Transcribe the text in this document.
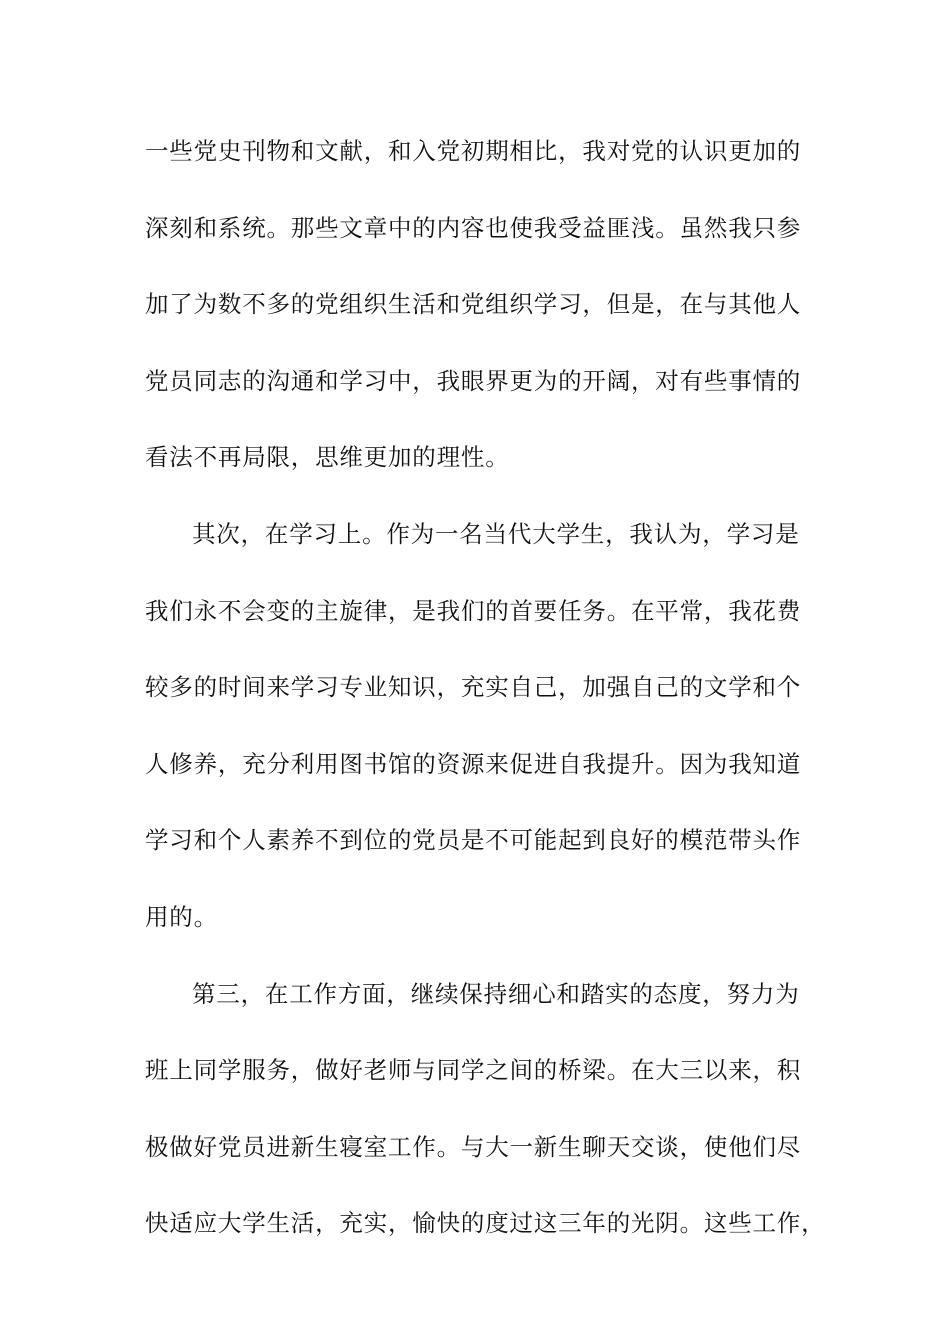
一些党史刊物和文献，和入党初期相比，我对党的认识更加的
深刻和系统。那些文章中的内容也使我受益匪浅。虽然我只参
加了为数不多的党组织生活和党组织学习，但是，在与其他人
党员同志的沟通和学习中，我眼界更为的开阔，对有些事情的
看法不再局限，思维更加的理性。
其次，在学习上。作为一名当代大学生，我认为，学习是
我们永不会变的主旋律，是我们的首要任务。在平常，我花费
较多的时间来学习专业知识，充实自己，加强自己的文学和个
人修养，充分利用图书馆的资源来促进自我提升。因为我知道
学习和个人素养不到位的党员是不可能起到良好的模范带头作
用的。
第三，在工作方面，继续保持细心和踏实的态度，努力为
班上同学服务，做好老师与同学之间的桥梁。在大三以来，积
极做好党员进新生寝室工作。与大一新生聊天交谈，使他们尽
快适应大学生活，充实，愉快的度过这三年的光阴。这些工作，
